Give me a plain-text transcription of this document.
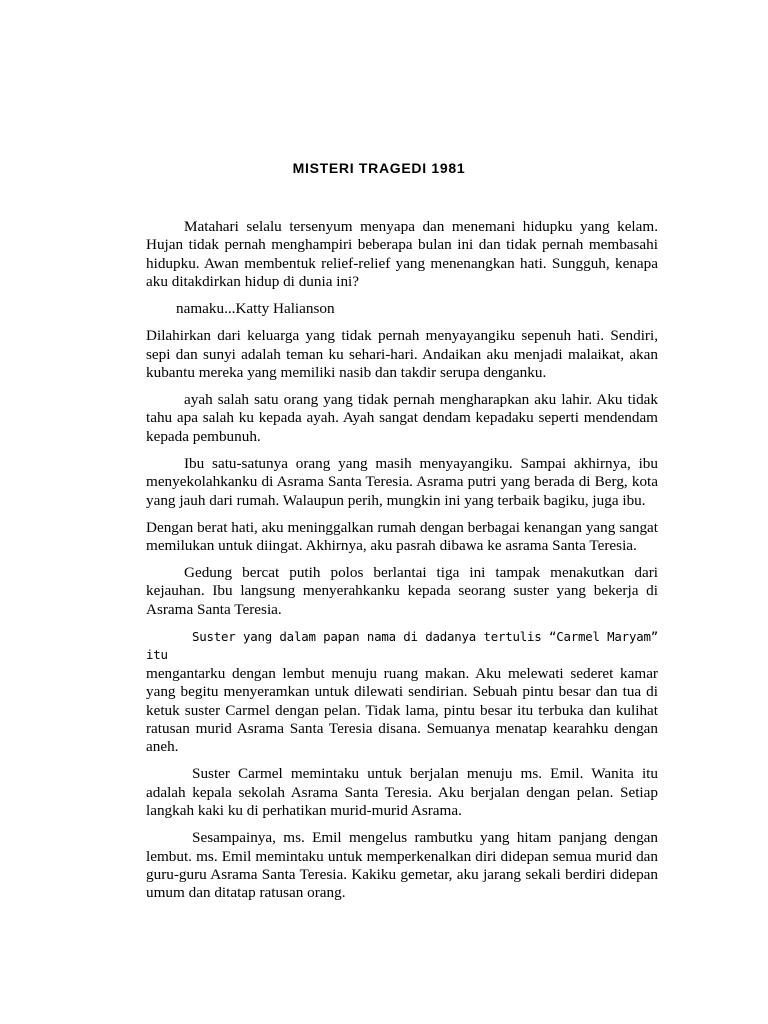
MISTERI TRAGEDI 1981

Matahari selalu tersenyum menyapa dan menemani hidupku yang kelam. Hujan tidak pernah menghampiri beberapa bulan ini dan tidak pernah membasahi hidupku. Awan membentuk relief-relief yang menenangkan hati. Sungguh, kenapa aku ditakdirkan hidup di dunia ini?

namaku...Katty Halianson

Dilahirkan dari keluarga yang tidak pernah menyayangiku sepenuh hati. Sendiri, sepi dan sunyi adalah teman ku sehari-hari. Andaikan aku menjadi malaikat, akan kubantu mereka yang memiliki nasib dan takdir serupa denganku.

ayah salah satu orang yang tidak pernah mengharapkan aku lahir. Aku tidak tahu apa salah ku kepada ayah. Ayah sangat dendam kepadaku seperti mendendam kepada pembunuh.

Ibu satu-satunya orang yang masih menyayangiku. Sampai akhirnya, ibu menyekolahkanku di Asrama Santa Teresia. Asrama putri yang berada di Berg, kota yang jauh dari rumah. Walaupun perih, mungkin ini yang terbaik bagiku, juga ibu.

Dengan berat hati, aku meninggalkan rumah dengan berbagai kenangan yang sangat memilukan untuk diingat. Akhirnya, aku pasrah dibawa ke asrama Santa Teresia.

Gedung bercat putih polos berlantai tiga ini tampak menakutkan dari kejauhan. Ibu langsung menyerahkanku kepada seorang suster yang bekerja di Asrama Santa Teresia.

Suster yang dalam papan nama di dadanya tertulis “Carmel Maryam” itu

mengantarku dengan lembut menuju ruang makan. Aku melewati sederet kamar yang begitu menyeramkan untuk dilewati sendirian. Sebuah pintu besar dan tua di ketuk suster Carmel dengan pelan. Tidak lama, pintu besar itu terbuka dan kulihat ratusan murid Asrama Santa Teresia disana. Semuanya menatap kearahku dengan aneh.

Suster Carmel memintaku untuk berjalan menuju ms. Emil. Wanita itu adalah kepala sekolah Asrama Santa Teresia. Aku berjalan dengan pelan. Setiap langkah kaki ku di perhatikan murid-murid Asrama.

Sesampainya, ms. Emil mengelus rambutku yang hitam panjang dengan lembut. ms. Emil memintaku untuk memperkenalkan diri didepan semua murid dan guru-guru Asrama Santa Teresia. Kakiku gemetar, aku jarang sekali berdiri didepan umum dan ditatap ratusan orang.
